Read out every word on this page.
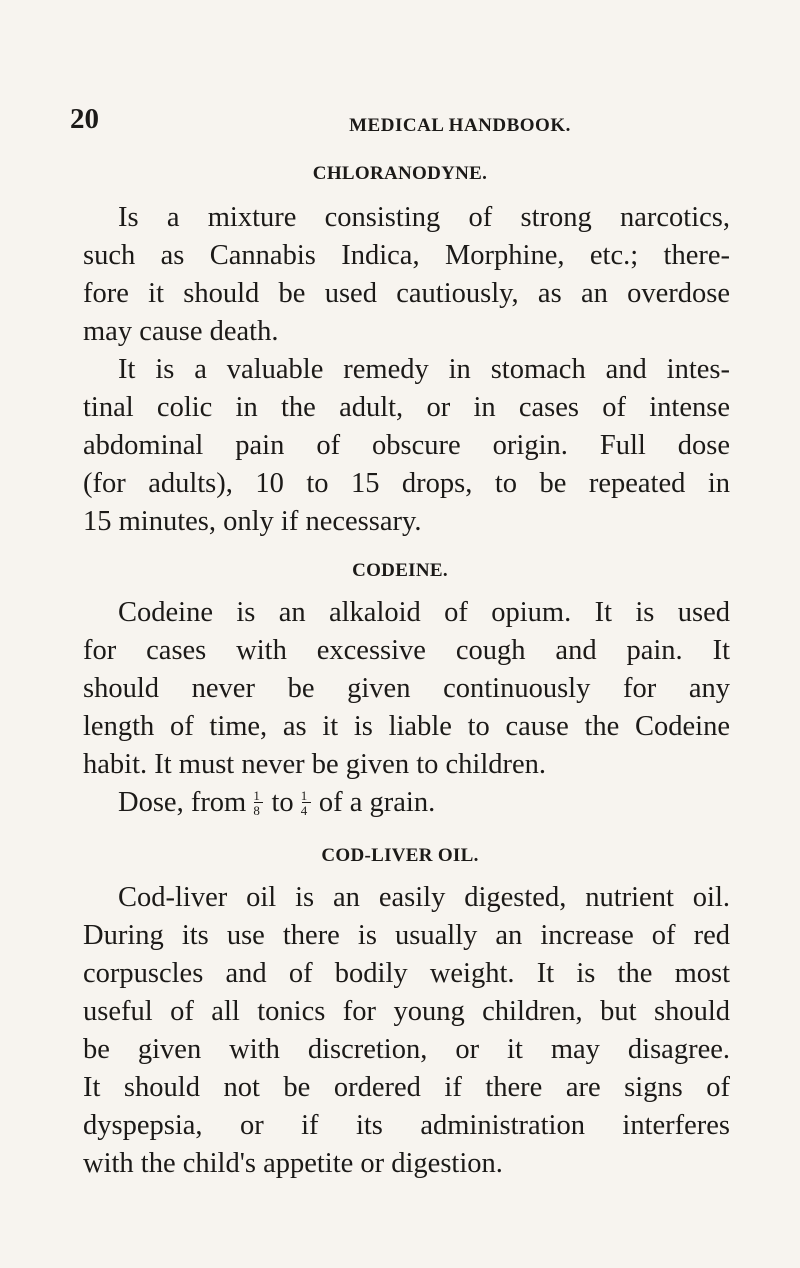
20	MEDICAL HANDBOOK.
CHLORANODYNE.
Is a mixture consisting of strong narcotics,
such as Cannabis Indica, Morphine, etc.; there-
fore it should be used cautiously, as an overdose
may cause death.
It is a valuable remedy in stomach and intes-
tinal colic in the adult, or in cases of intense
abdominal pain of obscure origin. Full dose
(for adults), 10 to 15 drops, to be repeated in
15 minutes, only if necessary.
CODEINE.
Codeine is an alkaloid of opium. It is used
for cases with excessive cough and pain. It
should never be given continuously for any
length of time, as it is liable to cause the Codeine
habit. It must never be given to children.
Dose, from $\frac{1}{8}$ to $\frac{1}{4}$ of a grain.
COD-LIVER OIL.
Cod-liver oil is an easily digested, nutrient oil.
During its use there is usually an increase of red
corpuscles and of bodily weight. It is the most
useful of all tonics for young children, but should
be given with discretion, or it may disagree.
It should not be ordered if there are signs of
dyspepsia, or if its administration interferes
with the child's appetite or digestion.
